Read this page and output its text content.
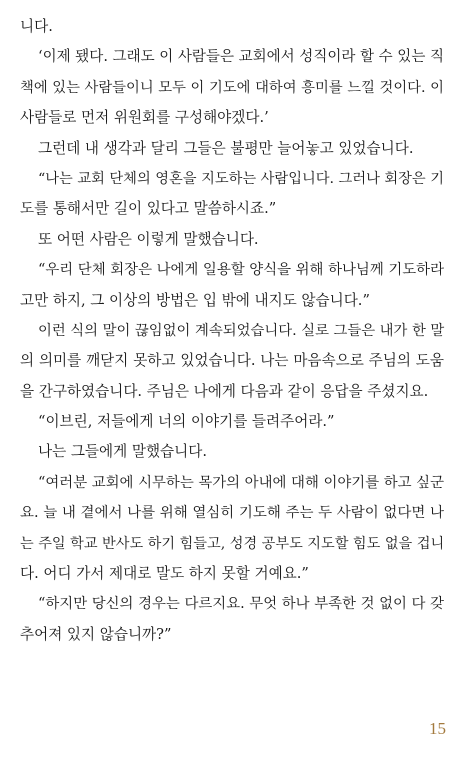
니다.
‘이제 됐다. 그래도 이 사람들은 교회에서 성직이라 할 수 있는 직
책에 있는 사람들이니 모두 이 기도에 대하여 흥미를 느낄 것이다. 이
사람들로 먼저 위원회를 구성해야겠다.’
그런데 내 생각과 달리 그들은 불평만 늘어놓고 있었습니다.
“나는 교회 단체의 영혼을 지도하는 사람입니다. 그러나 회장은 기
도를 통해서만 길이 있다고 말씀하시죠.”
또 어떤 사람은 이렇게 말했습니다.
“우리 단체 회장은 나에게 일용할 양식을 위해 하나님께 기도하라
고만 하지, 그 이상의 방법은 입 밖에 내지도 않습니다.”
이런 식의 말이 끊임없이 계속되었습니다. 실로 그들은 내가 한 말
의 의미를 깨닫지 못하고 있었습니다. 나는 마음속으로 주님의 도움
을 간구하였습니다. 주님은 나에게 다음과 같이 응답을 주셨지요.
“이브린, 저들에게 너의 이야기를 들려주어라.”
나는 그들에게 말했습니다.
“여러분 교회에 시무하는 목가의 아내에 대해 이야기를 하고 싶군
요. 늘 내 곁에서 나를 위해 열심히 기도해 주는 두 사람이 없다면 나
는 주일 학교 반사도 하기 힘들고, 성경 공부도 지도할 힘도 없을 겁니
다. 어디 가서 제대로 말도 하지 못할 거예요.”
“하지만 당신의 경우는 다르지요. 무엇 하나 부족한 것 없이 다 갖
추어져 있지 않습니까?”
15
